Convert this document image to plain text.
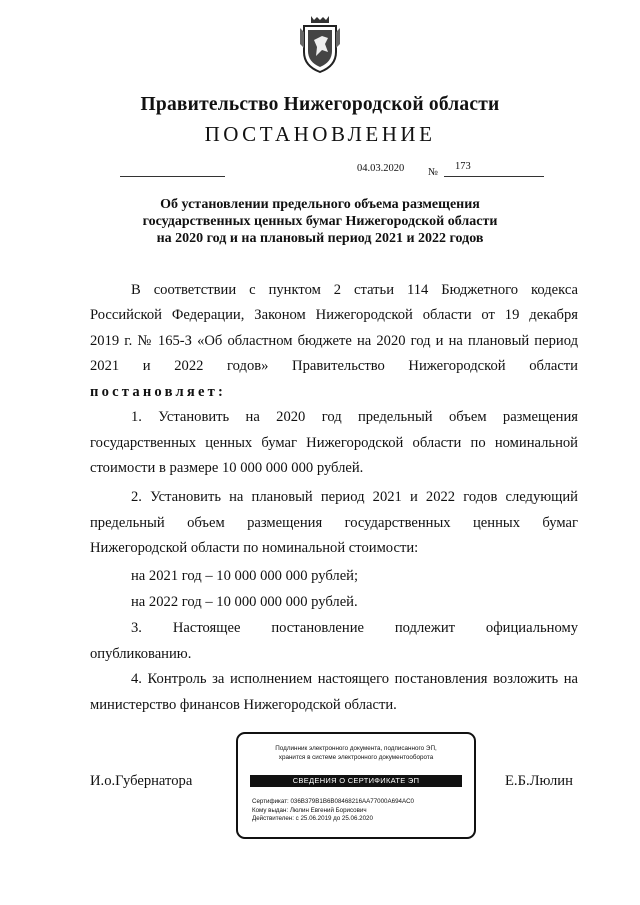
Правительство Нижегородской области
ПОСТАНОВЛЕНИЕ
04.03.2020 №
173
Об установлении предельного объема размещения
государственных ценных бумаг Нижегородской области
на 2020 год и на плановый период 2021 и 2022 годов

В соответствии с пунктом 2 статьи 114 Бюджетного кодекса

Российской Федерации, Законом Нижегородской области от 19 декабря

2019 г. № 165-З «Об областном бюджете на 2020 год и на плановый период

2021 и 2022 годов» Правительство Нижегородской области

постановляет:

1. Установить на 2020 год предельный объем размещения

государственных ценных бумаг Нижегородской области по номинальной

стоимости в размере 10 000 000 000 рублей.

2. Установить на плановый период 2021 и 2022 годов следующий

предельный объем размещения государственных ценных бумаг

Нижегородской области по номинальной стоимости:

на 2021 год – 10 000 000 000 рублей;

на 2022 год – 10 000 000 000 рублей.

3. Настоящее постановление подлежит официальному

опубликованию.

4. Контроль за исполнением настоящего постановления возложить на

министерство финансов Нижегородской области.

И.о.Губернатора	Е.Б.Люлин
Подлинник электронного документа, подписанного ЭП,
хранится в системе электронного документооборота
СВЕДЕНИЯ О СЕРТИФИКАТЕ ЭП
Сертификат: 036B379B1B6B08468216AA77000A694AC0
Кому выдан: Люлин Евгений Борисович
Действителен: с 25.06.2019 до 25.06.2020
